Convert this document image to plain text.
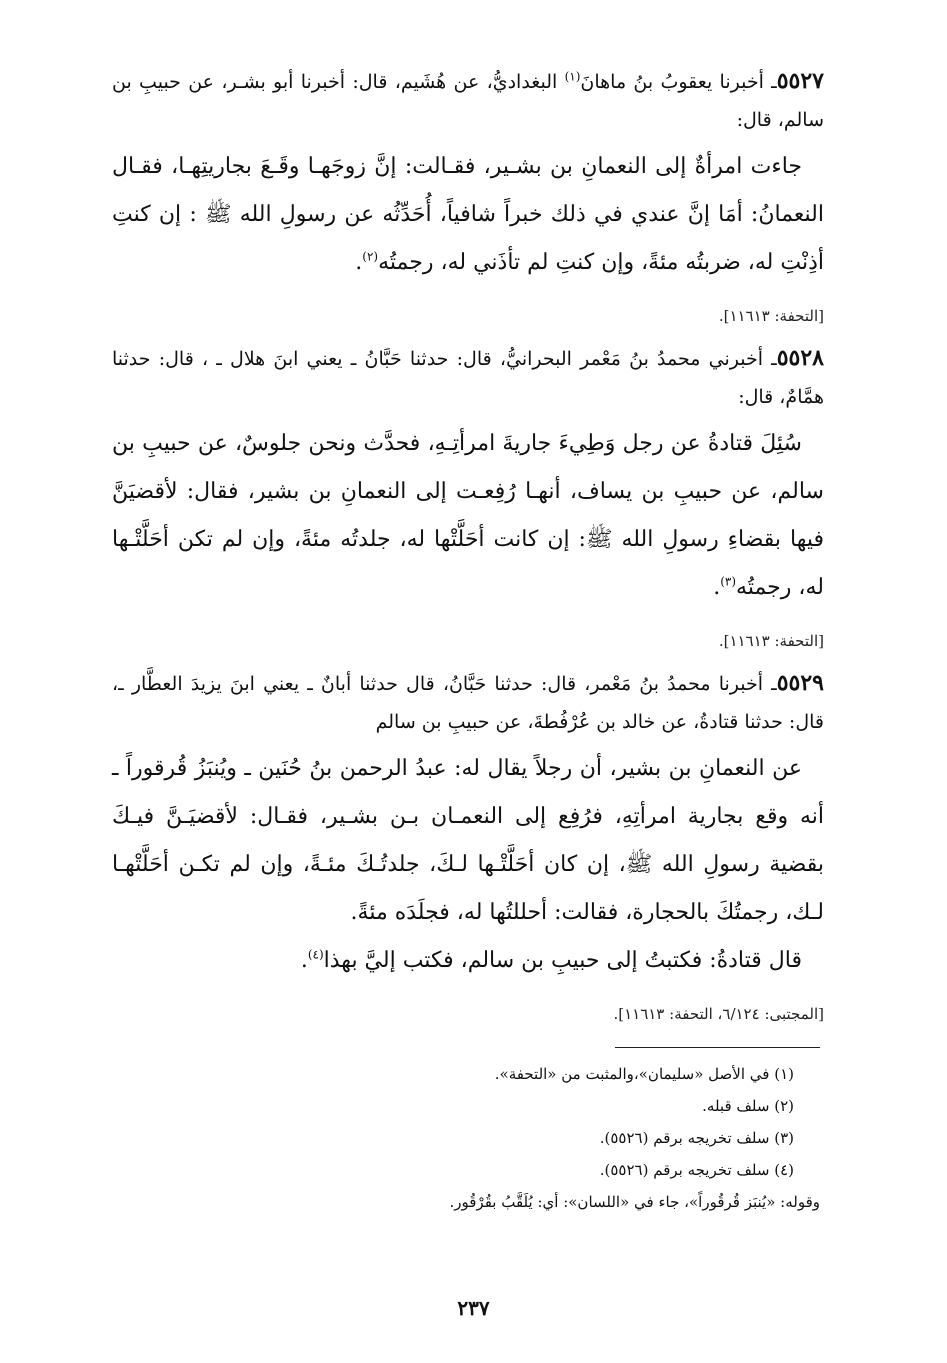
٥٥٢٧ـ أخبرنا يعقوبُ بنُ ماهانَ$^{(١)}$ البغداديُّ، عن هُشَيم، قال: أخبرنا أبو بشـر، عن حبيبِ بن سالم، قال:

جاءت امرأةٌ إلى النعمانِ بن بشـير، فقـالت: إنَّ زوجَهـا وقَـعَ بجاريتِهـا، فقـال النعمانُ: أمَا إنَّ عندي في ذلك خبراً شافياً، أُحَدِّثُه عن رسولِ الله ﷺ : إن كنتِ أذِنْتِ له، ضربتُه مئةً، وإن كنتِ لم تأذَني له، رجمتُه$^{(٢)}$.

[التحفة: ١١٦١٣].

٥٥٢٨ـ أخبرني محمدُ بنُ مَعْمر البحرانيُّ، قال: حدثنا حَبَّانُ ـ يعني ابنَ هلال ـ ، قال: حدثنا همَّامٌ، قال:

سُئِلَ قتادةُ عن رجل وَطِيءَ جاريةَ امرأتِـهِ، فحدَّث ونحن جلوسٌ، عن حبيبِ بن سالم، عن حبيبِ بن يساف، أنهـا رُفِعـت إلى النعمانِ بن بشير، فقال: لأقضيَنَّ فيها بقضاءِ رسولِ الله ﷺ: إن كانت أحَلَّتْها له، جلدتُه مئةً، وإن لم تكن أحَلَّتْـها له، رجمتُه$^{(٣)}$.

[التحفة: ١١٦١٣].

٥٥٢٩ـ أخبرنا محمدُ بنُ مَعْمر، قال: حدثنا حَبَّانُ، قال حدثنا أبانٌ ـ يعني ابنَ يزيدَ العطَّار ـ، قال: حدثنا قتادةُ، عن خالد بن عُرْفُطةَ، عن حبيبِ بن سالم

عن النعمانِ بن بشير، أن رجلاً يقال له: عبدُ الرحمن بنُ حُنَين ـ ويُنبَزُ قُرقوراً ـ أنه وقع بجارية امرأتِهِ، فرُفِع إلى النعمـان بـن بشـير، فقـال: لأقضيَـنَّ فيـكَ بقضية رسولِ الله ﷺ، إن كان أحَلَّتْـها لـكَ، جلدتُـكَ مئـةً، وإن لم تكـن أحَلَّتْهـا لـك، رجمتُكَ بالحجارة، فقالت: أحللتُها له، فجلَدَه مئةً.

قال قتادةُ: فكتبتُ إلى حبيبِ بن سالم، فكتب إليَّ بهذا$^{(٤)}$.

[المجتبى: ٦/١٢٤، التحفة: ١١٦١٣].

(١) في الأصل «سليمان»،والمثبت من «التحفة».

(٢) سلف قبله.

(٣) سلف تخريجه برقم (٥٥٢٦).

(٤) سلف تخريجه برقم (٥٥٢٦).

وقوله: «يُنبَز قُرقُوراً»، جاء في «اللسان»: أي: يُلَقَّبُ بقُرْقُور.

٢٣٧
